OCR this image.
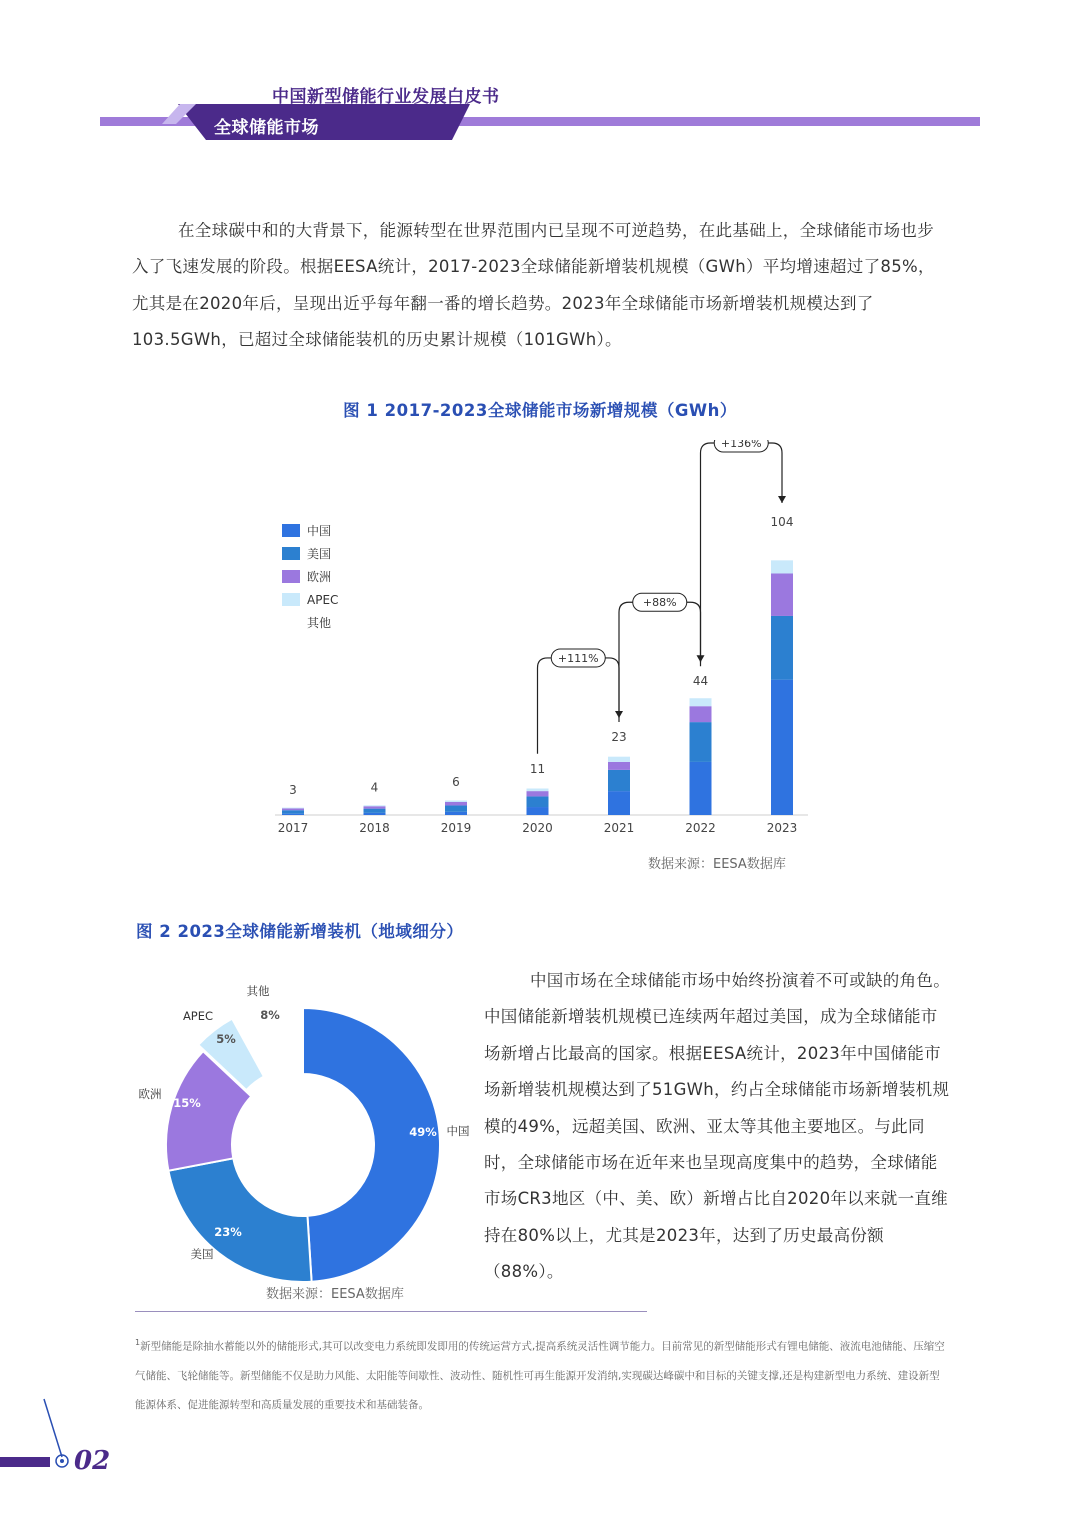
中国新型储能行业发展白皮书
全球储能市场
在全球碳中和的大背景下，能源转型在世界范围内已呈现不可逆趋势，在此基础上，全球储能市场也步入了飞速发展的阶段。根据EESA统计，2017-2023全球储能新增装机规模（GWh）平均增速超过了85%，尤其是在2020年后，呈现出近乎每年翻一番的增长趋势。2023年全球储能市场新增装机规模达到了103.5GWh，已超过全球储能装机的历史累计规模（101GWh）。
图 1 2017-2023全球储能市场新增规模（GWh）
2017
3
2018
4
2019
6
2020
11
2021
23
2022
44
2023
104
+111%
+88%
+136%
中国
美国
欧洲
APEC
其他
数据来源：EESA数据库
图 2 2023全球储能新增装机（地域细分）
49% 中国
23%
美国
15%
欧洲
5%
APEC	8%
其他
数据来源：EESA数据库
中国市场在全球储能市场中始终扮演着不可或缺的角色。中国储能新增装机规模已连续两年超过美国，成为全球储能市场新增占比最高的国家。根据EESA统计，2023年中国储能市场新增装机规模达到了51GWh，约占全球储能市场新增装机规模的49%，远超美国、欧洲、亚太等其他主要地区。与此同时，全球储能市场在近年来也呈现高度集中的趋势，全球储能市场CR3地区（中、美、欧）新增占比自2020年以来就一直维持在80%以上，尤其是2023年，达到了历史最高份额（88%）。
$^1$新型储能是除抽水蓄能以外的储能形式,其可以改变电力系统即发即用的传统运营方式,提高系统灵活性调节能力。目前常见的新型储能形式有锂电储能、液流电池储能、压缩空气储能、飞轮储能等。新型储能不仅是助力风能、太阳能等间歇性、波动性、随机性可再生能源开发消纳,实现碳达峰碳中和目标的关键支撑,还是构建新型电力系统、建设新型能源体系、促进能源转型和高质量发展的重要技术和基础装备。
02
